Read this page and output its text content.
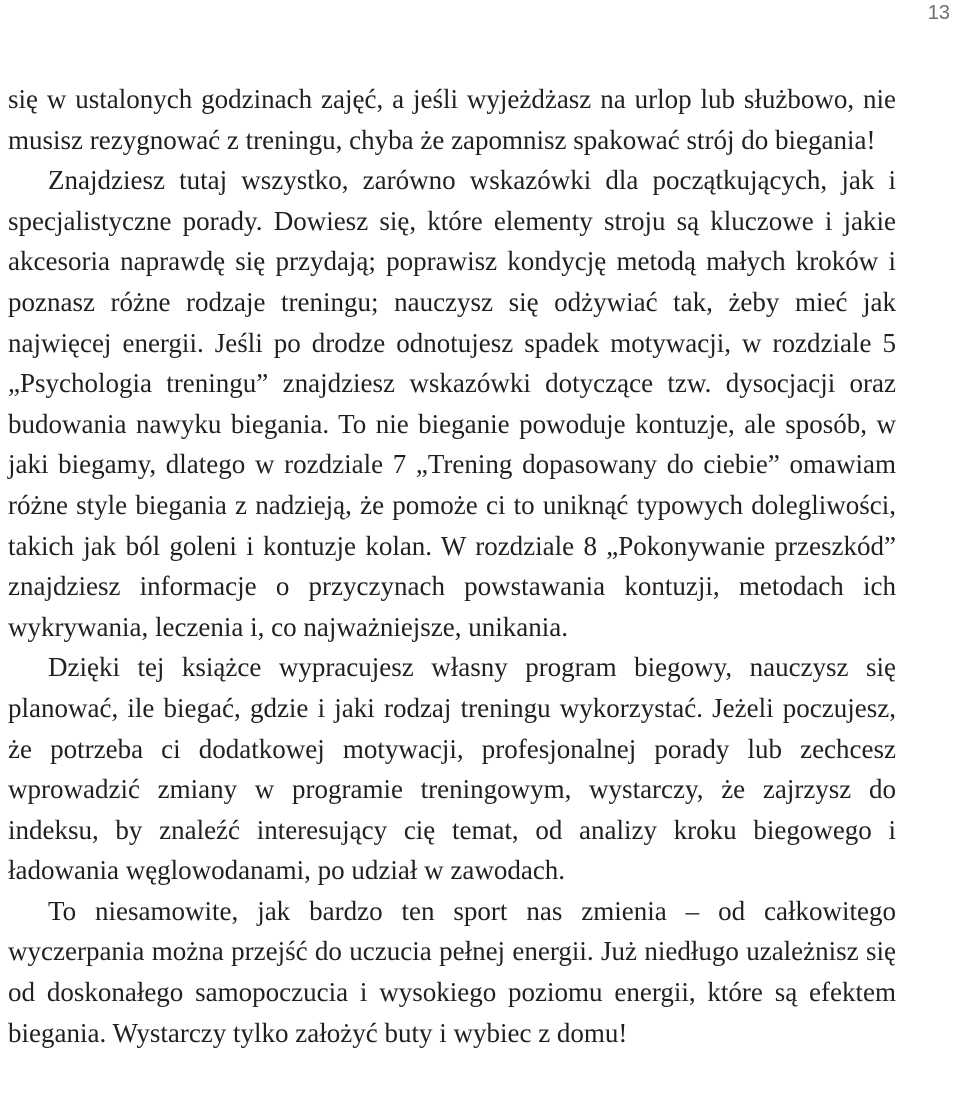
13

się w ustalonych godzinach zajęć, a jeśli wyjeżdżasz na urlop lub służbowo, nie musisz rezygnować z treningu, chyba że zapomnisz spakować strój do biegania!

Znajdziesz tutaj wszystko, zarówno wskazówki dla początkujących, jak i specjalistyczne porady. Dowiesz się, które elementy stroju są kluczowe i jakie akcesoria naprawdę się przydają; poprawisz kondycję metodą małych kroków i poznasz różne rodzaje treningu; nauczysz się odżywiać tak, żeby mieć jak najwięcej energii. Jeśli po drodze odnotujesz spadek motywacji, w rozdziale 5 „Psychologia treningu” znajdziesz wskazówki dotyczące tzw. dysocjacji oraz budowania nawyku biegania. To nie bieganie powoduje kontuzje, ale sposób, w jaki biegamy, dlatego w rozdziale 7 „Trening dopasowany do ciebie” omawiam różne style biegania z nadzieją, że pomoże ci to uniknąć typowych dolegliwości, takich jak ból goleni i kontuzje kolan. W rozdziale 8 „Pokonywanie przeszkód” znajdziesz informacje o przyczynach powstawania kontuzji, metodach ich wykrywania, leczenia i, co najważniejsze, unikania.

Dzięki tej książce wypracujesz własny program biegowy, nauczysz się planować, ile biegać, gdzie i jaki rodzaj treningu wykorzystać. Jeżeli poczujesz, że potrzeba ci dodatkowej motywacji, profesjonalnej porady lub zechcesz wprowadzić zmiany w programie treningowym, wystarczy, że zajrzysz do indeksu, by znaleźć interesujący cię temat, od analizy kroku biegowego i ładowania węglowodanami, po udział w zawodach.

To niesamowite, jak bardzo ten sport nas zmienia – od całkowitego wyczerpania można przejść do uczucia pełnej energii. Już niedługo uzależnisz się od doskonałego samopoczucia i wysokiego poziomu energii, które są efektem biegania. Wystarczy tylko założyć buty i wybiec z domu!
